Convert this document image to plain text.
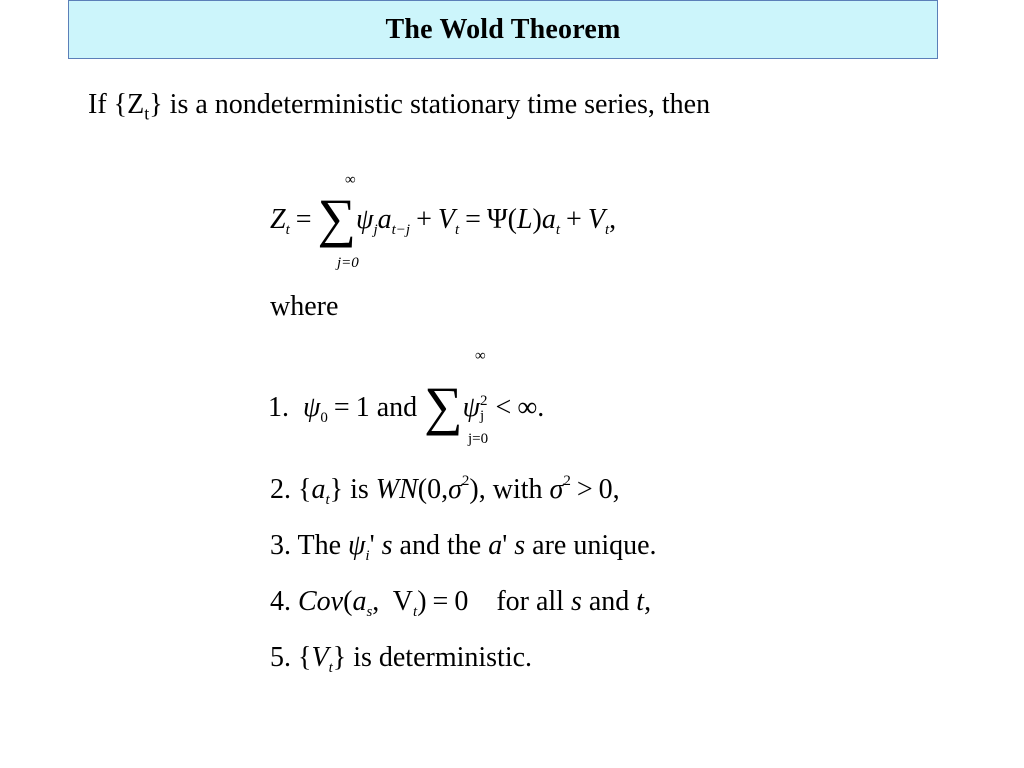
The Wold Theorem
If $\{Z_t\}$ is a nondeterministic stationary time series, then
$Z_t = \sum\psi_ja_{t-j} + V_t = \Psi(L)a_t + V_t$,
∞
j=0
where
1. $\psi_0 = 1$ and ∑ψ 2
j < ∞.
∞
j=0
2. $\{a_t\}$ is $WN(0,\sigma^2)$, with $\sigma^2 > 0$,
3. The $\psi_i'$ s and the a' s are unique.
4. $Cov(a_s$, $V_t) = 0$ for all s and t,
5. $\{V_t\}$ is deterministic.
